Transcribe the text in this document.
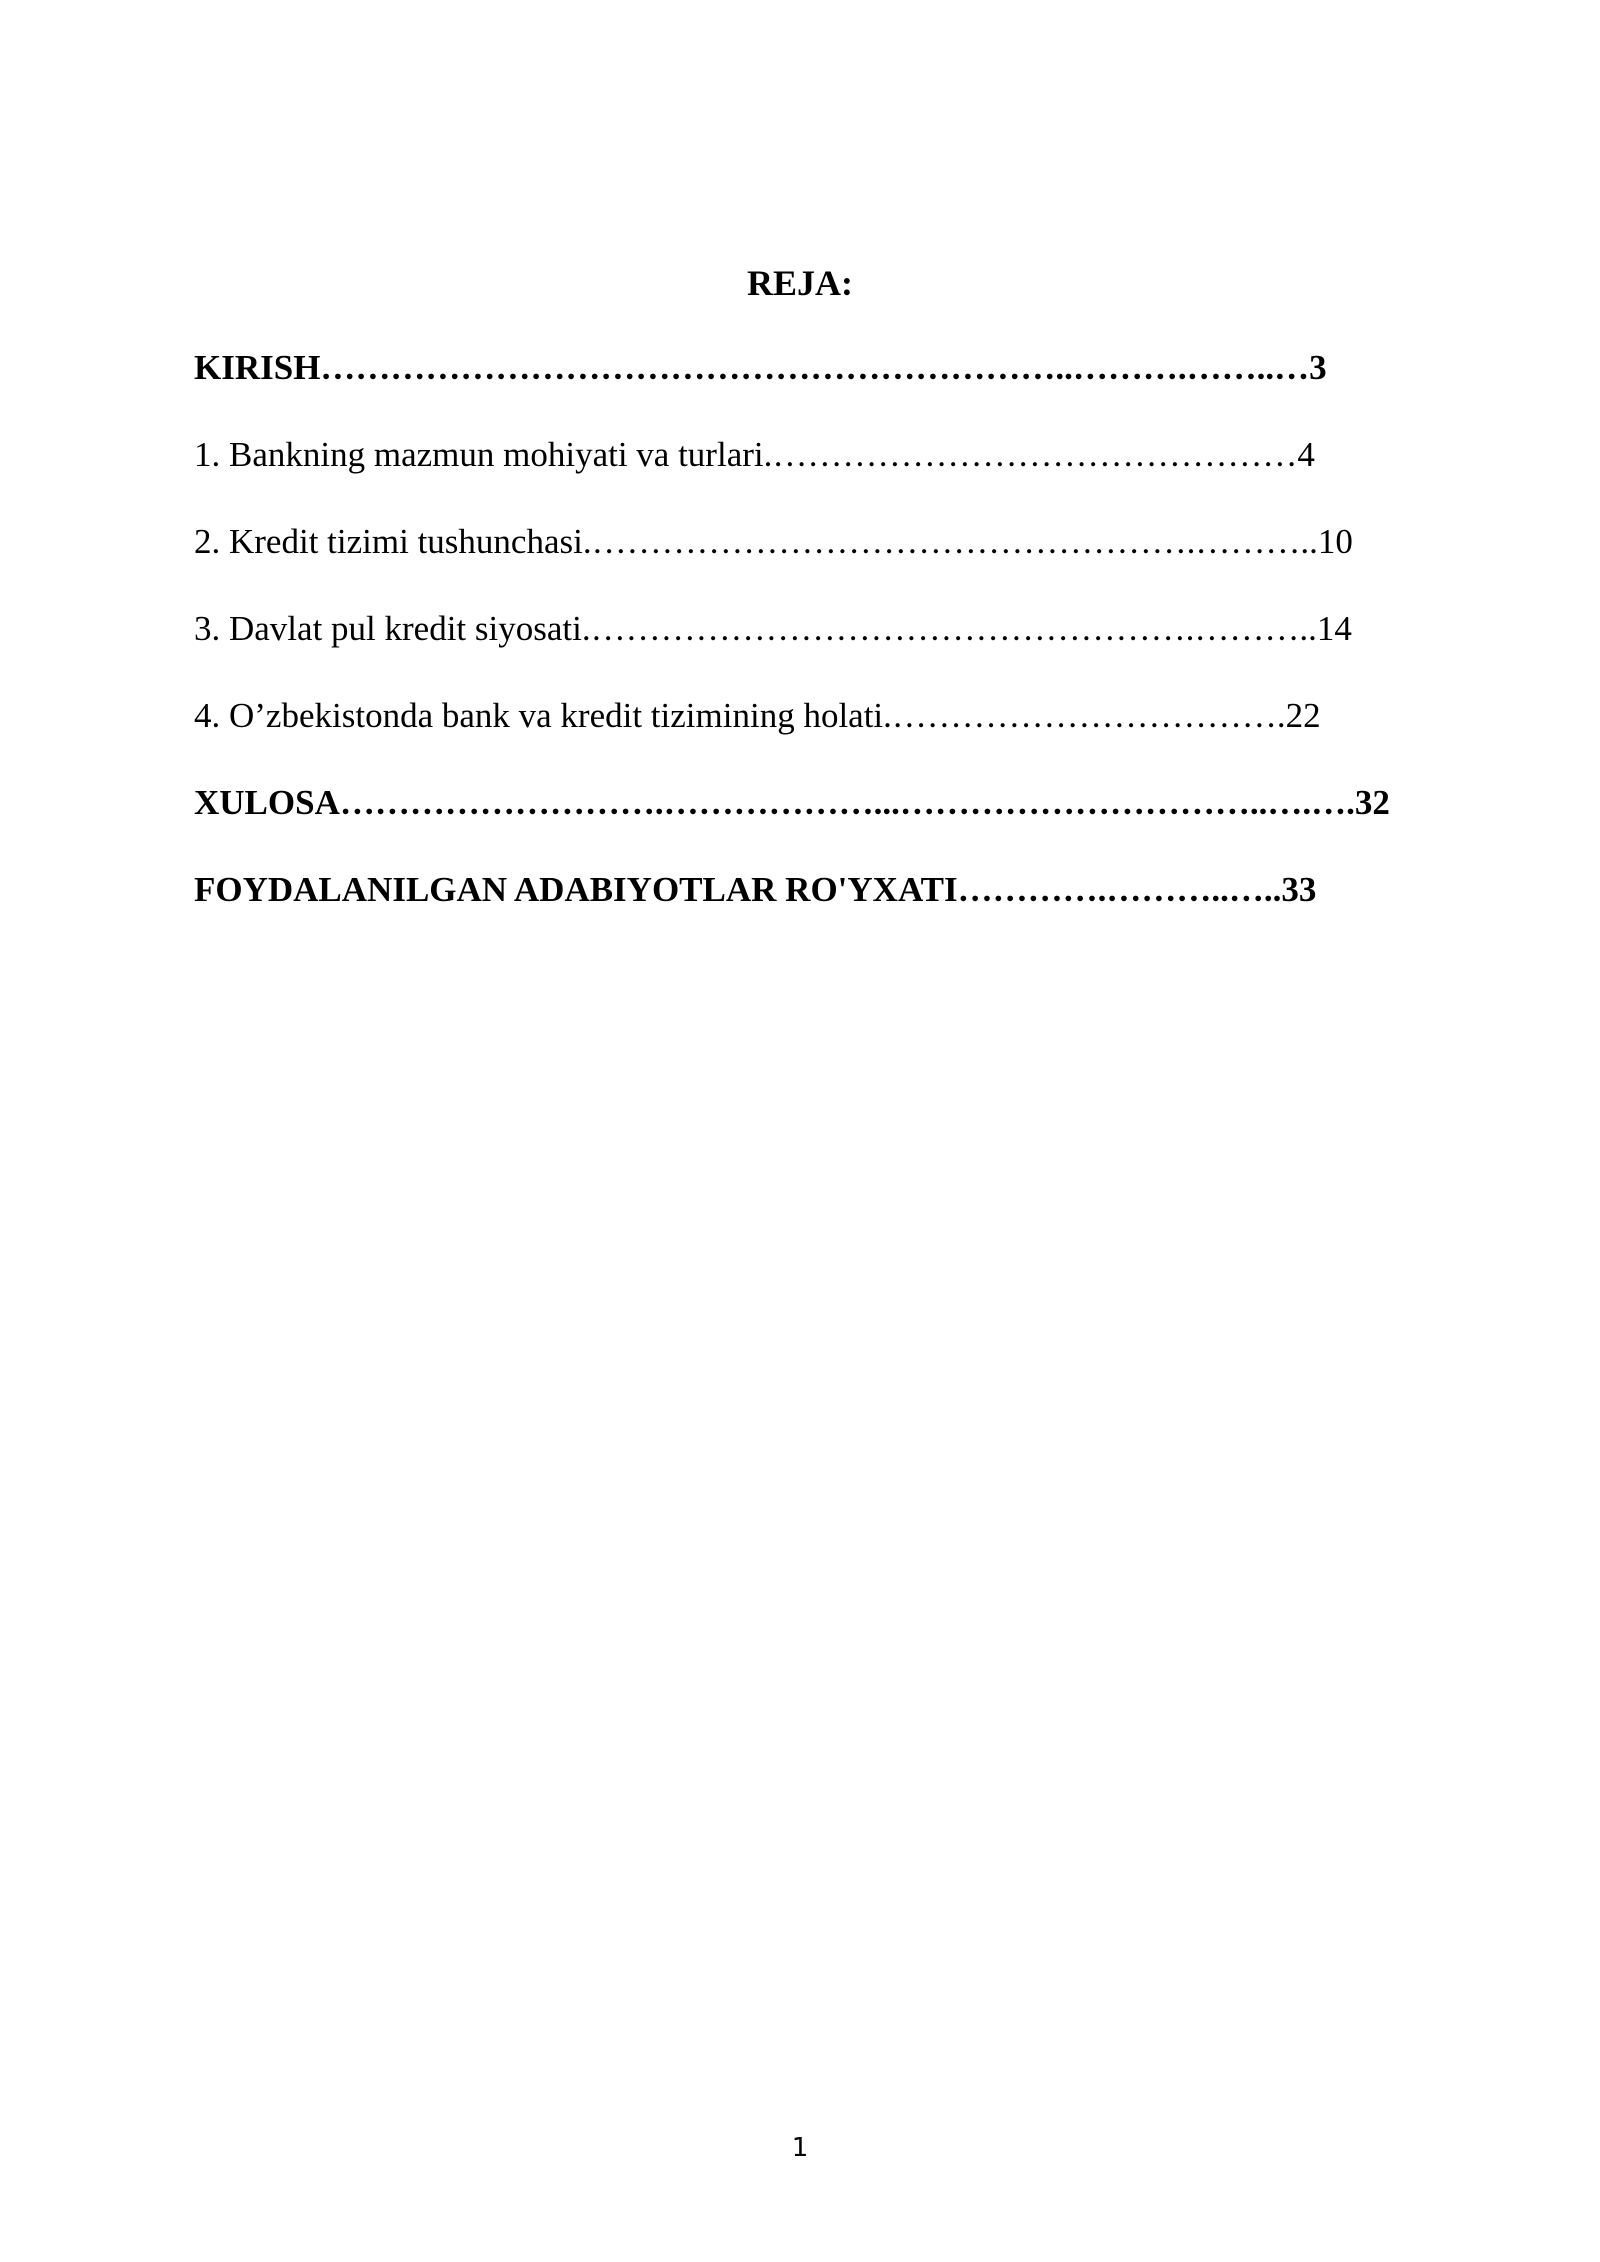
REJA:
KIRISH………………………………………………………..……….……..…3
1. Bankning mazmun mohiyati va turlari.………………………………………4
2. Kredit tizimi tushunchasi.…………………………………………….………..10
3. Davlat pul kredit siyosati.…………………………………………….………..14
4. O’zbekistonda bank va kredit tizimining holati.…………………………….22
XULOSA……………………….………………...…………………………..….….32
FOYDALANILGAN ADABIYOTLAR RO'YXATI………….………..…..33
1
